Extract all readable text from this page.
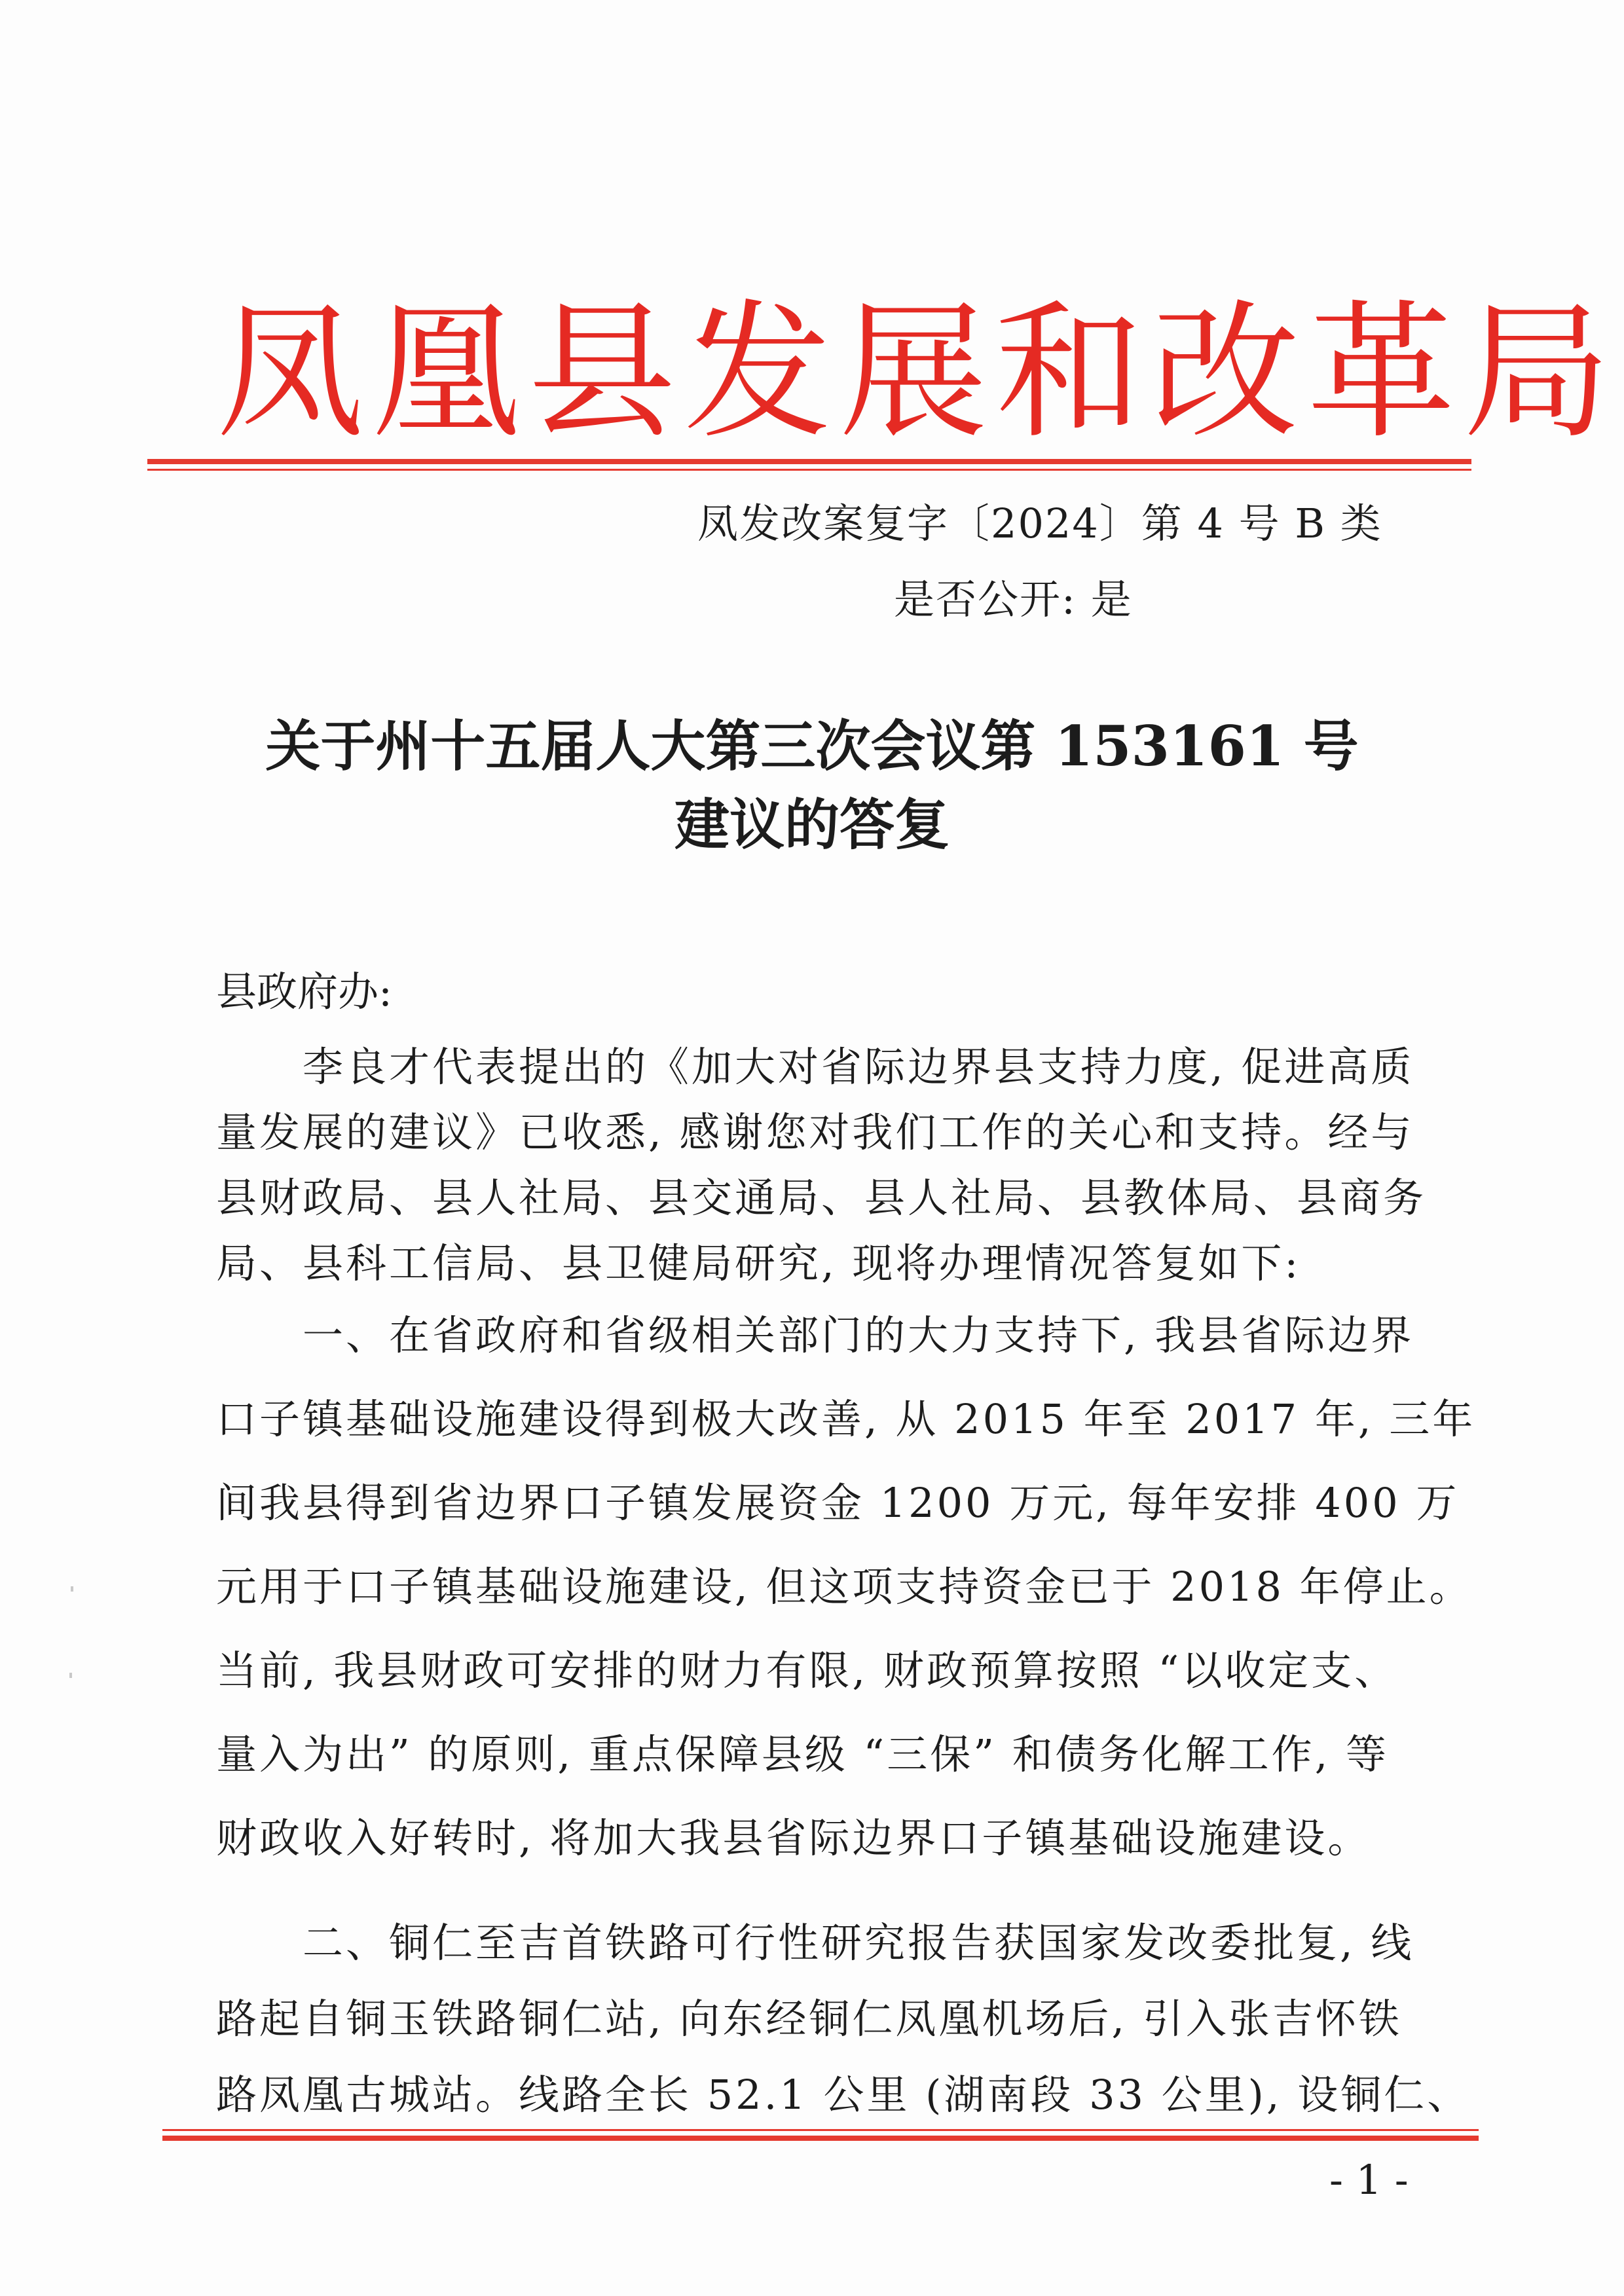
凤凰县发展和改革局
凤发改案复字〔2024〕第 4 号 B 类
是否公开: 是
关于州十五届人大第三次会议第 153161 号
建议的答复
县政府办:
　　李良才代表提出的《加大对省际边界县支持力度, 促进高质
量发展的建议》已收悉, 感谢您对我们工作的关心和支持。经与
县财政局、县人社局、县交通局、县人社局、县教体局、县商务
局、县科工信局、县卫健局研究, 现将办理情况答复如下:
　　一、在省政府和省级相关部门的大力支持下, 我县省际边界
口子镇基础设施建设得到极大改善, 从 2015 年至 2017 年, 三年
间我县得到省边界口子镇发展资金 1200 万元, 每年安排 400 万
元用于口子镇基础设施建设, 但这项支持资金已于 2018 年停止。
当前, 我县财政可安排的财力有限, 财政预算按照 “以收定支、
量入为出” 的原则, 重点保障县级 “三保” 和债务化解工作, 等
财政收入好转时, 将加大我县省际边界口子镇基础设施建设。
　　二、铜仁至吉首铁路可行性研究报告获国家发改委批复, 线
路起自铜玉铁路铜仁站, 向东经铜仁凤凰机场后, 引入张吉怀铁
路凤凰古城站。线路全长 52.1 公里 (湖南段 33 公里), 设铜仁、
- 1 -
